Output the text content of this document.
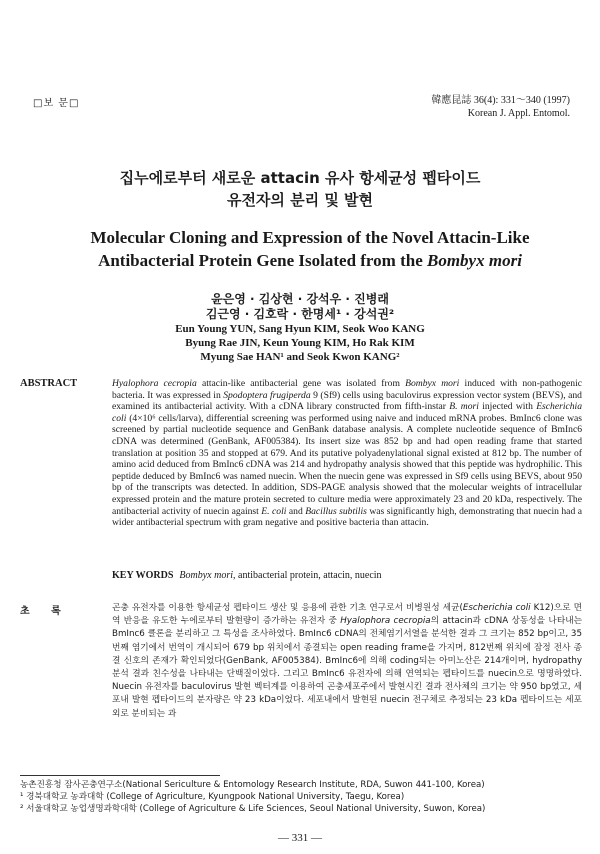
□보 문□	韓應昆誌 36(4): 331～340 (1997)
Korean J. Appl. Entomol.
집누에로부터 새로운 attacin 유사 항세균성 펩타이드
유전자의 분리 및 발현
Molecular Cloning and Expression of the Novel Attacin-Like
Antibacterial Protein Gene Isolated from the Bombyx mori
윤은영 · 김상현 · 강석우 · 진병래
김근영 · 김호락 · 한명세¹ · 강석권²
Eun Young YUN, Sang Hyun KIM, Seok Woo KANG
Byung Rae JIN, Keun Young KIM, Ho Rak KIM
Myung Sae HAN¹ and Seok Kwon KANG²
ABSTRACT	Hyalophora cecropia attacin-like antibacterial gene was isolated from Bombyx mori induced with non-pathogenic bacteria. It was expressed in Spodoptera frugiperda 9 (Sf9) cells using baculovirus expression vector system (BEVS), and examined its antibacterial activity. With a cDNA library constructed from fifth-instar B. mori injected with Escherichia coli (4×10⁶ cells/larva), differential screening was performed using naive and induced mRNA probes. BmInc6 clone was screened by partial nucleotide sequence and GenBank database analysis. A complete nucleotide sequence of BmInc6 cDNA was determined (GenBank, AF005384). Its insert size was 852 bp and had open reading frame that started translation at position 35 and stopped at 679. And its putative polyadenylational signal existed at 812 bp. The number of amino acid deduced from BmInc6 cDNA was 214 and hydropathy analysis showed that this peptide was hydrophilic. This peptide deduced by BmInc6 was named nuecin. When the nuecin gene was expressed in Sf9 cells using BEVS, about 950 bp of the transcripts was detected. In addition, SDS-PAGE analysis showed that the molecular weights of intracellular expressed protein and the mature protein secreted to culture media were approximately 23 and 20 kDa, respectively. The antibacterial activity of nuecin against E. coli and Bacillus subtilis was significantly high, demonstrating that nuecin had a wider antibacterial spectrum with gram negative and positive bacteria than attacin.

KEY WORDS Bombyx mori, antibacterial protein, attacin, nuecin
초 록	곤충 유전자를 이용한 항세균성 펩타이드 생산 및 응용에 관한 기초 연구로서 비병원성 세균(Escherichia coli K12)으로 면역 반응을 유도한 누에로부터 발현량이 증가하는 유전자 중 Hyalophora cecropia의 attacin과 cDNA 상동성을 나타내는 BmInc6 클론을 분리하고 그 특성을 조사하였다. BmInc6 cDNA의 전체염기서열을 분석한 결과 그 크기는 852 bp이고, 35번째 염기에서 번역이 개시되어 679 bp 위치에서 종결되는 open reading frame을 가지며, 812번째 위치에 잠정 전사 종결 신호의 존재가 확인되었다(GenBank, AF005384). BmInc6에 의해 coding되는 아미노산은 214개이며, hydropathy 분석 결과 친수성을 나타내는 단백질이었다. 그리고 BmInc6 유전자에 의해 연역되는 펩타이드를 nuecin으로 명명하였다. Nuecin 유전자를 baculovirus 발현 벡터계를 이용하여 곤충세포주에서 발현시킨 결과 전사체의 크기는 약 950 bp였고, 세포내 발현 펩타이드의 분자량은 약 23 kDa이었다. 세포내에서 발현된 nuecin 전구체로 추정되는 23 kDa 펩타이드는 세포외로 분비되는 과

농촌진흥청 잠사곤충연구소(National Sericulture & Entomology Research Institute, RDA, Suwon 441-100, Korea)
¹ 경북대학교 농과대학 (College of Agriculture, Kyungpook National University, Taegu, Korea)
² 서울대학교 농업생명과학대학 (College of Agriculture & Life Sciences, Seoul National University, Suwon, Korea)
— 331 —
